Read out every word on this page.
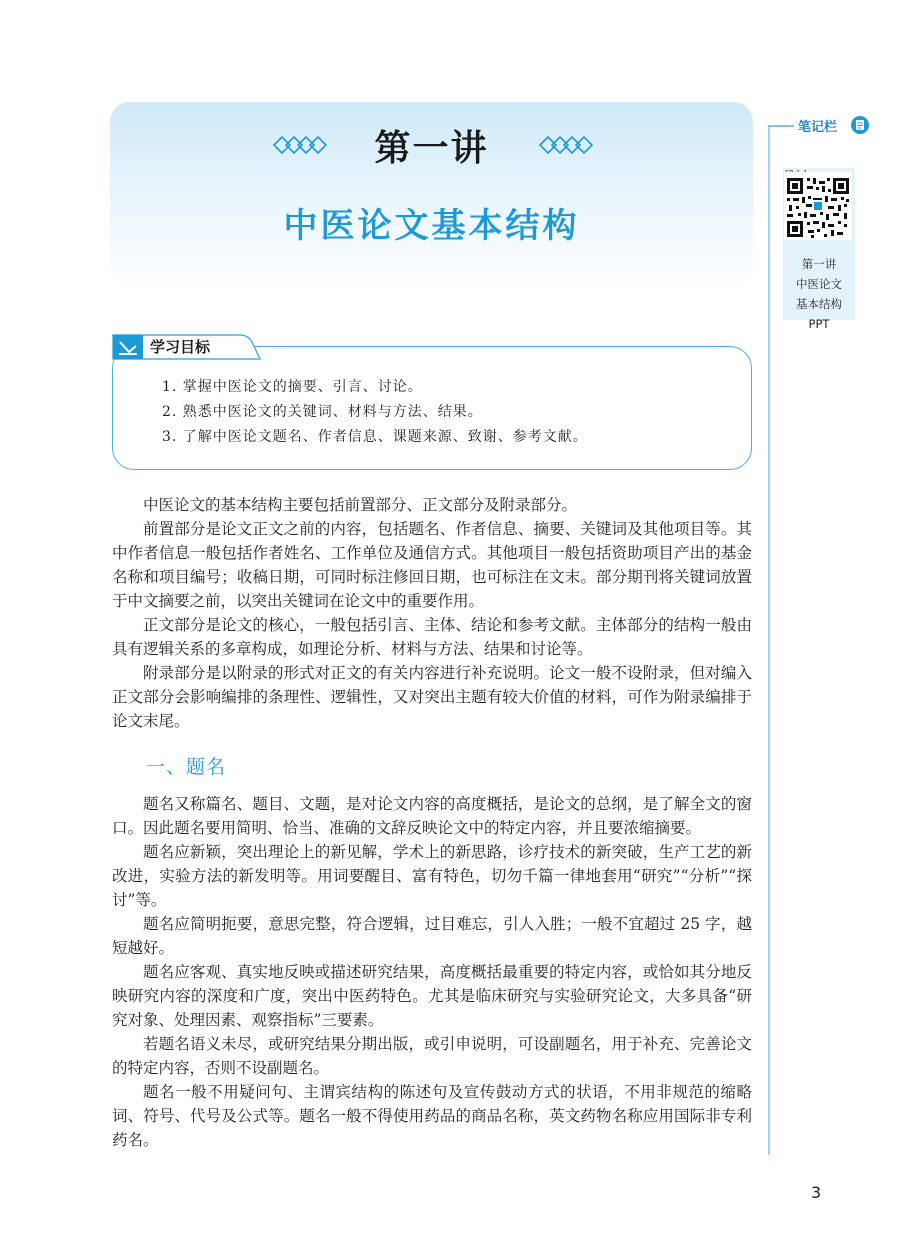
第一讲
中医论文基本结构
笔记栏
第一讲
中医论文
基本结构
PPT
学习目标
1. 掌握中医论文的摘要、引言、讨论。
2. 熟悉中医论文的关键词、材料与方法、结果。
3. 了解中医论文题名、作者信息、课题来源、致谢、参考文献。

中医论文的基本结构主要包括前置部分、正文部分及附录部分。

前置部分是论文正文之前的内容，包括题名、作者信息、摘要、关键词及其他项目等。其中作者信息一般包括作者姓名、工作单位及通信方式。其他项目一般包括资助项目产出的基金名称和项目编号；收稿日期，可同时标注修回日期，也可标注在文末。部分期刊将关键词放置于中文摘要之前，以突出关键词在论文中的重要作用。

正文部分是论文的核心，一般包括引言、主体、结论和参考文献。主体部分的结构一般由具有逻辑关系的多章构成，如理论分析、材料与方法、结果和讨论等。

附录部分是以附录的形式对正文的有关内容进行补充说明。论文一般不设附录，但对编入正文部分会影响编排的条理性、逻辑性，又对突出主题有较大价值的材料，可作为附录编排于论文末尾。

一、题名

题名又称篇名、题目、文题，是对论文内容的高度概括，是论文的总纲，是了解全文的窗口。因此题名要用简明、恰当、准确的文辞反映论文中的特定内容，并且要浓缩摘要。

题名应新颖，突出理论上的新见解，学术上的新思路，诊疗技术的新突破，生产工艺的新改进，实验方法的新发明等。用词要醒目、富有特色，切勿千篇一律地套用“研究”“分析”“探讨”等。

题名应简明扼要，意思完整，符合逻辑，过目难忘，引人入胜；一般不宜超过 25 字，越短越好。

题名应客观、真实地反映或描述研究结果，高度概括最重要的特定内容，或恰如其分地反映研究内容的深度和广度，突出中医药特色。尤其是临床研究与实验研究论文，大多具备“研究对象、处理因素、观察指标”三要素。

若题名语义未尽，或研究结果分期出版，或引申说明，可设副题名，用于补充、完善论文的特定内容，否则不设副题名。

题名一般不用疑问句、主谓宾结构的陈述句及宣传鼓动方式的状语，不用非规范的缩略词、符号、代号及公式等。题名一般不得使用药品的商品名称，英文药物名称应用国际非专利药名。

3
